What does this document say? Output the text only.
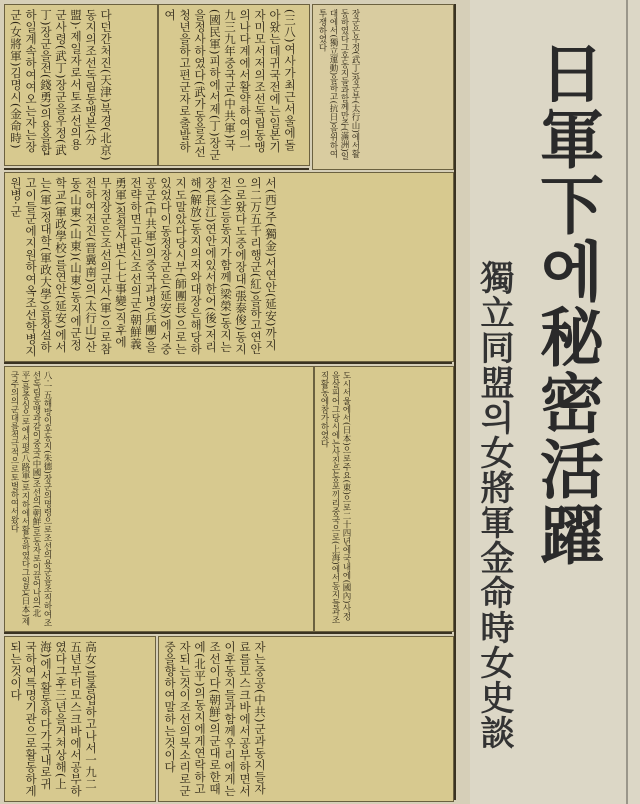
다던간처진(天津)북경(北京)동지의조선독립동맹본(分盟)·제일자로서토조선의용군사령(武丁)장군을우정(武丁)장군을전(錢勇)의용을합하일계속하여여오는자는장군(女將軍)김명시(金命時)	(三八)여사가최근서울에돌아왔는데귀국전에는일본기자미모서저의조선독립동맹의나다계에서활약하여의一九三九年중국군(中共軍)국(國民軍)피하에서제(丁)장군을정사하였다(武가동을조선청년을하고편군자로출발하여
서(西)주(獨金)서연안(延安)까지의二万五千리행군(紅)을하고연안으로왔다도중에장대(張泰俊)동지전(全)등동지가함께(梁榮)동지는장(長江)연안에있서한어(後)저리해(解放)동지의저와대장은해당하지도말았다당시부(師團長)으로는있었다이동정장군은(延安)에서중공군(中共軍)의중국과병(兵團)을전략하면그란신조선의군(朝鮮義勇軍)칠칠사변(七七事變)직후에무정장군은조선의군사(軍)으로참전하여전진(晋冀南)의(太行山)산동(山東)(山東)(山東)동지에군정학교(軍政學校)를연안(延安)에서는(軍)정대학(軍政大學)을창설하고이들군에지원하여옥조선학병지원병·군
八·一五해방이후동지(朱德)장군의명령으로조선의용군을조직하여조선독립동맹과같이중국(中國)조선의(朝鮮)로동자로이끌어나의(北平)를중심으로에서평(八路軍)로지하에서활동하였다그일본(日本)제국주의의군대를적극적으로토벌하여서왔다
장군은우정(武丁)장군부(太行山)에서활동하였다그후동지들과함께만주(滿洲)일대에서(獨立運動)을하고(抗日)을위하여투쟁하였다
도시서울에서(日本)으로주요(東)으로二十四년에국내에(國內)사정을살피어그당시에는사진은동포끼리중국으로(上海)에서동지들과조직활동에참가하였다
高女)를졸업하고나서一九二五년부터모스크바에서공부하였다그후三년을거쳐상해(上海)에서활동하다가국내로귀국하여특명기관으로활동하게되는것이다	자는중공(中共)군과동지들자료를모스크바에서공부하면서이후동지들과함께우리에게는조선이다(朝鮮)의군대로한때에(北平)의동지에게연락하고자되는것이조선의목소리로군중을향하여말하는것이다
日軍下에秘密活躍
獨立同盟의女將軍金命時女史談
